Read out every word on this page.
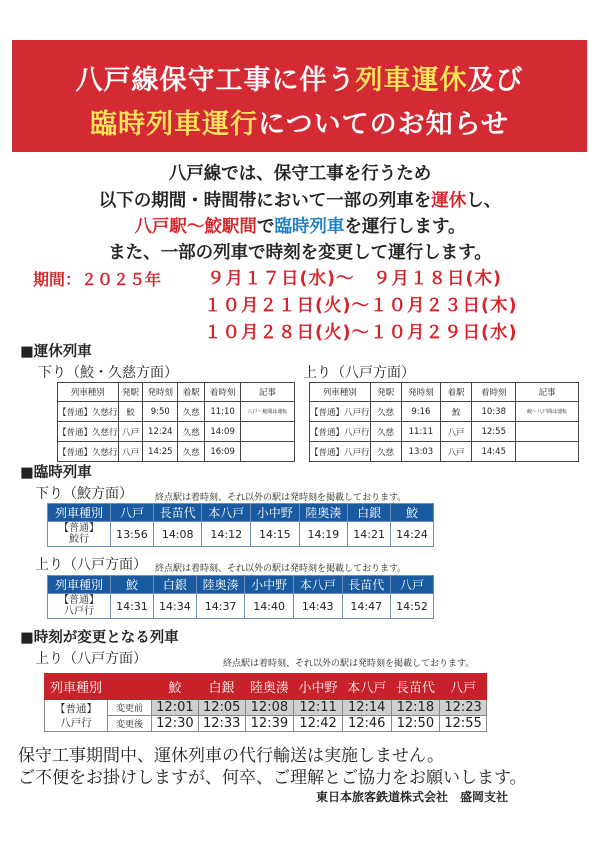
八戸線保守工事に伴う列車運休及び
臨時列車運行についてのお知らせ
八戸線では、保守工事を行うため
以下の期間・時間帯において一部の列車を運休し、
八戸駅～鮫駅間で臨時列車を運行します。
また、一部の列車で時刻を変更して運行します。
期間：２０２５年	９月１７日(水)～　９月１８日(木)
１０月２１日(火)～１０月２３日(木)
１０月２８日(火)～１０月２９日(水)
■運休列車
下り（鮫・久慈方面）	上り（八戸方面）
列車種別	発駅	発時刻	着駅	着時刻	記事
【普通】久慈行	鮫	9:50	久慈	11:10	八戸～鮫間は運転
【普通】久慈行	八戸	12:24	久慈	14:09	
【普通】久慈行	八戸	14:25	久慈	16:09	
列車種別	発駅	発時刻	着駅	着時刻	記事
【普通】八戸行	久慈	9:16	鮫	10:38	鮫～八戸間は運転
【普通】八戸行	久慈	11:11	八戸	12:55	
【普通】八戸行	久慈	13:03	八戸	14:45	
■臨時列車
下り（鮫方面） 終点駅は着時刻、それ以外の駅は発時刻を掲載しております。
列車種別	八戸	長苗代	本八戸	小中野	陸奥湊	白銀	鮫
【普通】
鮫行	13:56	14:08	14:12	14:15	14:19	14:21	14:24
上り（八戸方面） 終点駅は着時刻、それ以外の駅は発時刻を掲載しております。
列車種別	鮫	白銀	陸奥湊	小中野	本八戸	長苗代	八戸
【普通】
八戸行	14:31	14:34	14:37	14:40	14:43	14:47	14:52
■時刻が変更となる列車
上り（八戸方面）	終点駅は着時刻、それ以外の駅は発時刻を掲載しております。
列車種別		鮫	白銀	陸奥湊	小中野	本八戸	長苗代	八戸
【普通】
八戸行	変更前	12:01	12:05	12:08	12:11	12:14	12:18	12:23
	変更後	12:30	12:33	12:39	12:42	12:46	12:50	12:55
保守工事期間中、運休列車の代行輸送は実施しません。
ご不便をお掛けしますが、何卒、ご理解とご協力をお願いします。
東日本旅客鉄道株式会社　盛岡支社
